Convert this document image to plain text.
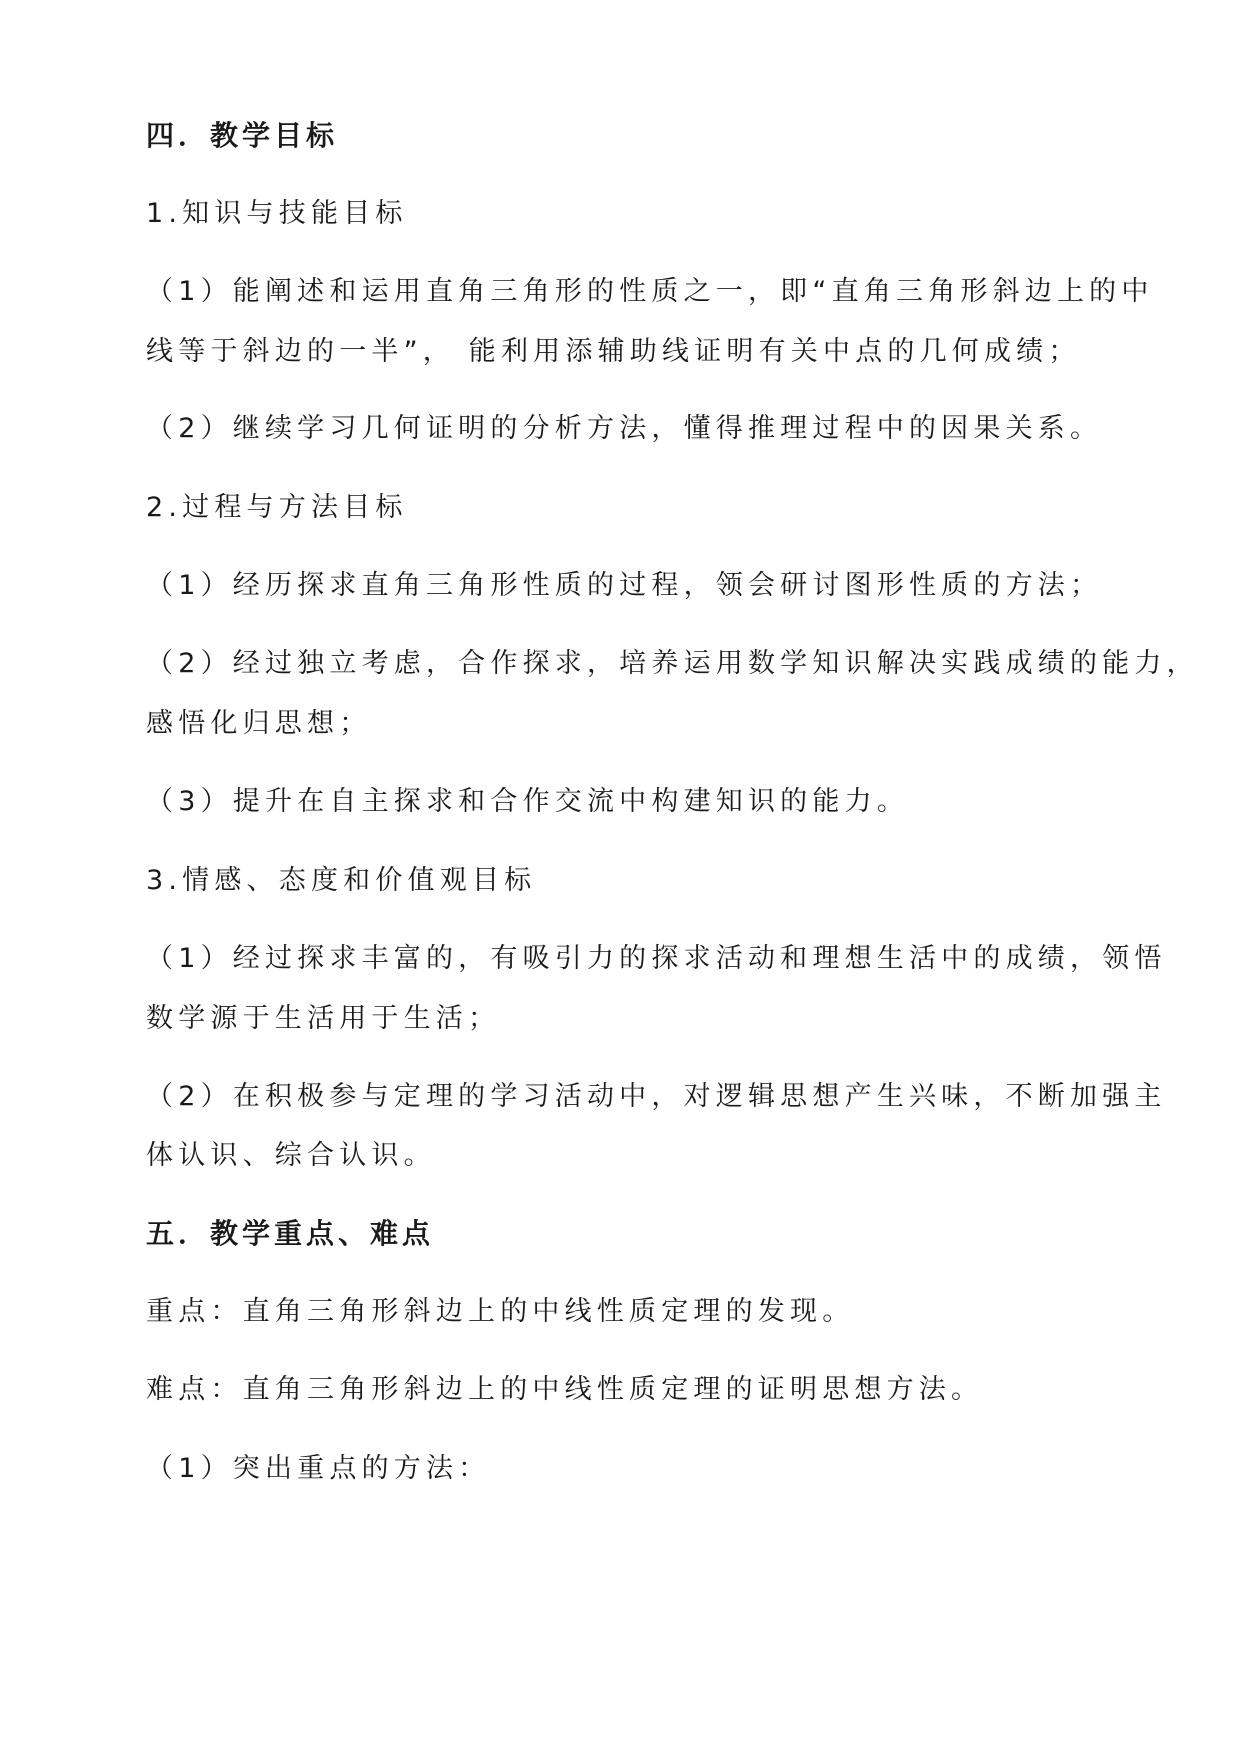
四．教学目标
1.知识与技能目标
（1）能阐述和运用直角三角形的性质之一，即“直角三角形斜边上的中
线等于斜边的一半”， 能利用添辅助线证明有关中点的几何成绩；
（2）继续学习几何证明的分析方法，懂得推理过程中的因果关系。
2.过程与方法目标
（1）经历探求直角三角形性质的过程，领会研讨图形性质的方法；
（2）经过独立考虑，合作探求，培养运用数学知识解决实践成绩的能力，
感悟化归思想；
（3）提升在自主探求和合作交流中构建知识的能力。
3.情感、态度和价值观目标
（1）经过探求丰富的，有吸引力的探求活动和理想生活中的成绩，领悟
数学源于生活用于生活；
（2）在积极参与定理的学习活动中，对逻辑思想产生兴味，不断加强主
体认识、综合认识。
五．教学重点、难点
重点：直角三角形斜边上的中线性质定理的发现。
难点：直角三角形斜边上的中线性质定理的证明思想方法。
（1）突出重点的方法：
